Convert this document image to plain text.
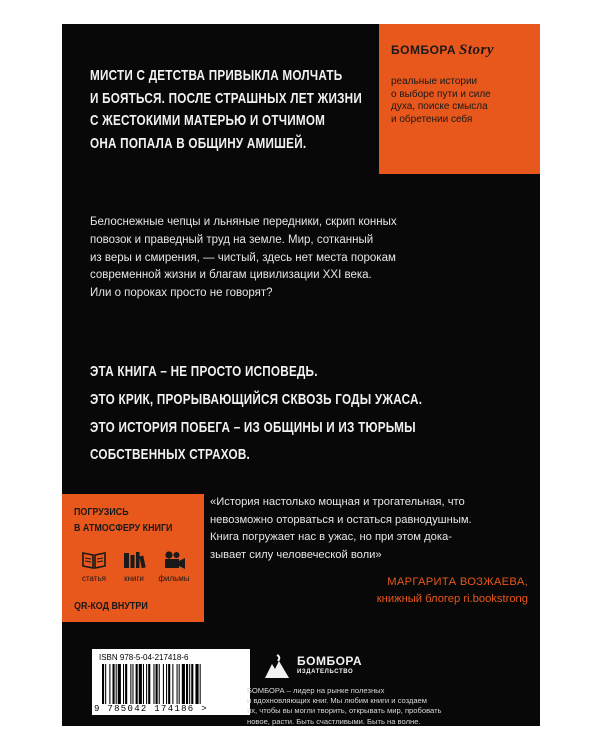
БОМБОРА Story
реальные истории
о выборе пути и силе
духа, поиске смысла
и обретении себя
МИСТИ С ДЕТСТВА ПРИВЫКЛА МОЛЧАТЬ
И БОЯТЬСЯ. ПОСЛЕ СТРАШНЫХ ЛЕТ ЖИЗНИ
С ЖЕСТОКИМИ МАТЕРЬЮ И ОТЧИМОМ
ОНА ПОПАЛА В ОБЩИНУ АМИШЕЙ.
Белоснежные чепцы и льняные передники, скрип конных
повозок и праведный труд на земле. Мир, сотканный
из веры и смирения, — чистый, здесь нет места порокам
современной жизни и благам цивилизации XXI века.
Или о пороках просто не говорят?
ЭТА КНИГА – НЕ ПРОСТО ИСПОВЕДЬ.
ЭТО КРИК, ПРОРЫВАЮЩИЙСЯ СКВОЗЬ ГОДЫ УЖАСА.
ЭТО ИСТОРИЯ ПОБЕГА – ИЗ ОБЩИНЫ И ИЗ ТЮРЬМЫ
СОБСТВЕННЫХ СТРАХОВ.
ПОГРУЗИСЬ
В АТМОСФЕРУ КНИГИ
статья	книги	фильмы
QR-КОД ВНУТРИ
«История настолько мощная и трогательная, что
невозможно оторваться и остаться равнодушным.
Книга погружает нас в ужас, но при этом дока-
зывает силу человеческой воли»
МАРГАРИТА ВОЗЖАЕВА,
книжный блогер ri.bookstrong
ISBN 978-5-04-217418-6
9 785042 174186 >
БОМБОРА
ИЗДАТЕЛЬСТВО
БОМБОРА – лидер на рынке полезных
и вдохновляющих книг. Мы любим книги и создаем
их, чтобы вы могли творить, открывать мир, пробовать
новое, расти. Быть счастливыми. Быть на волне.
